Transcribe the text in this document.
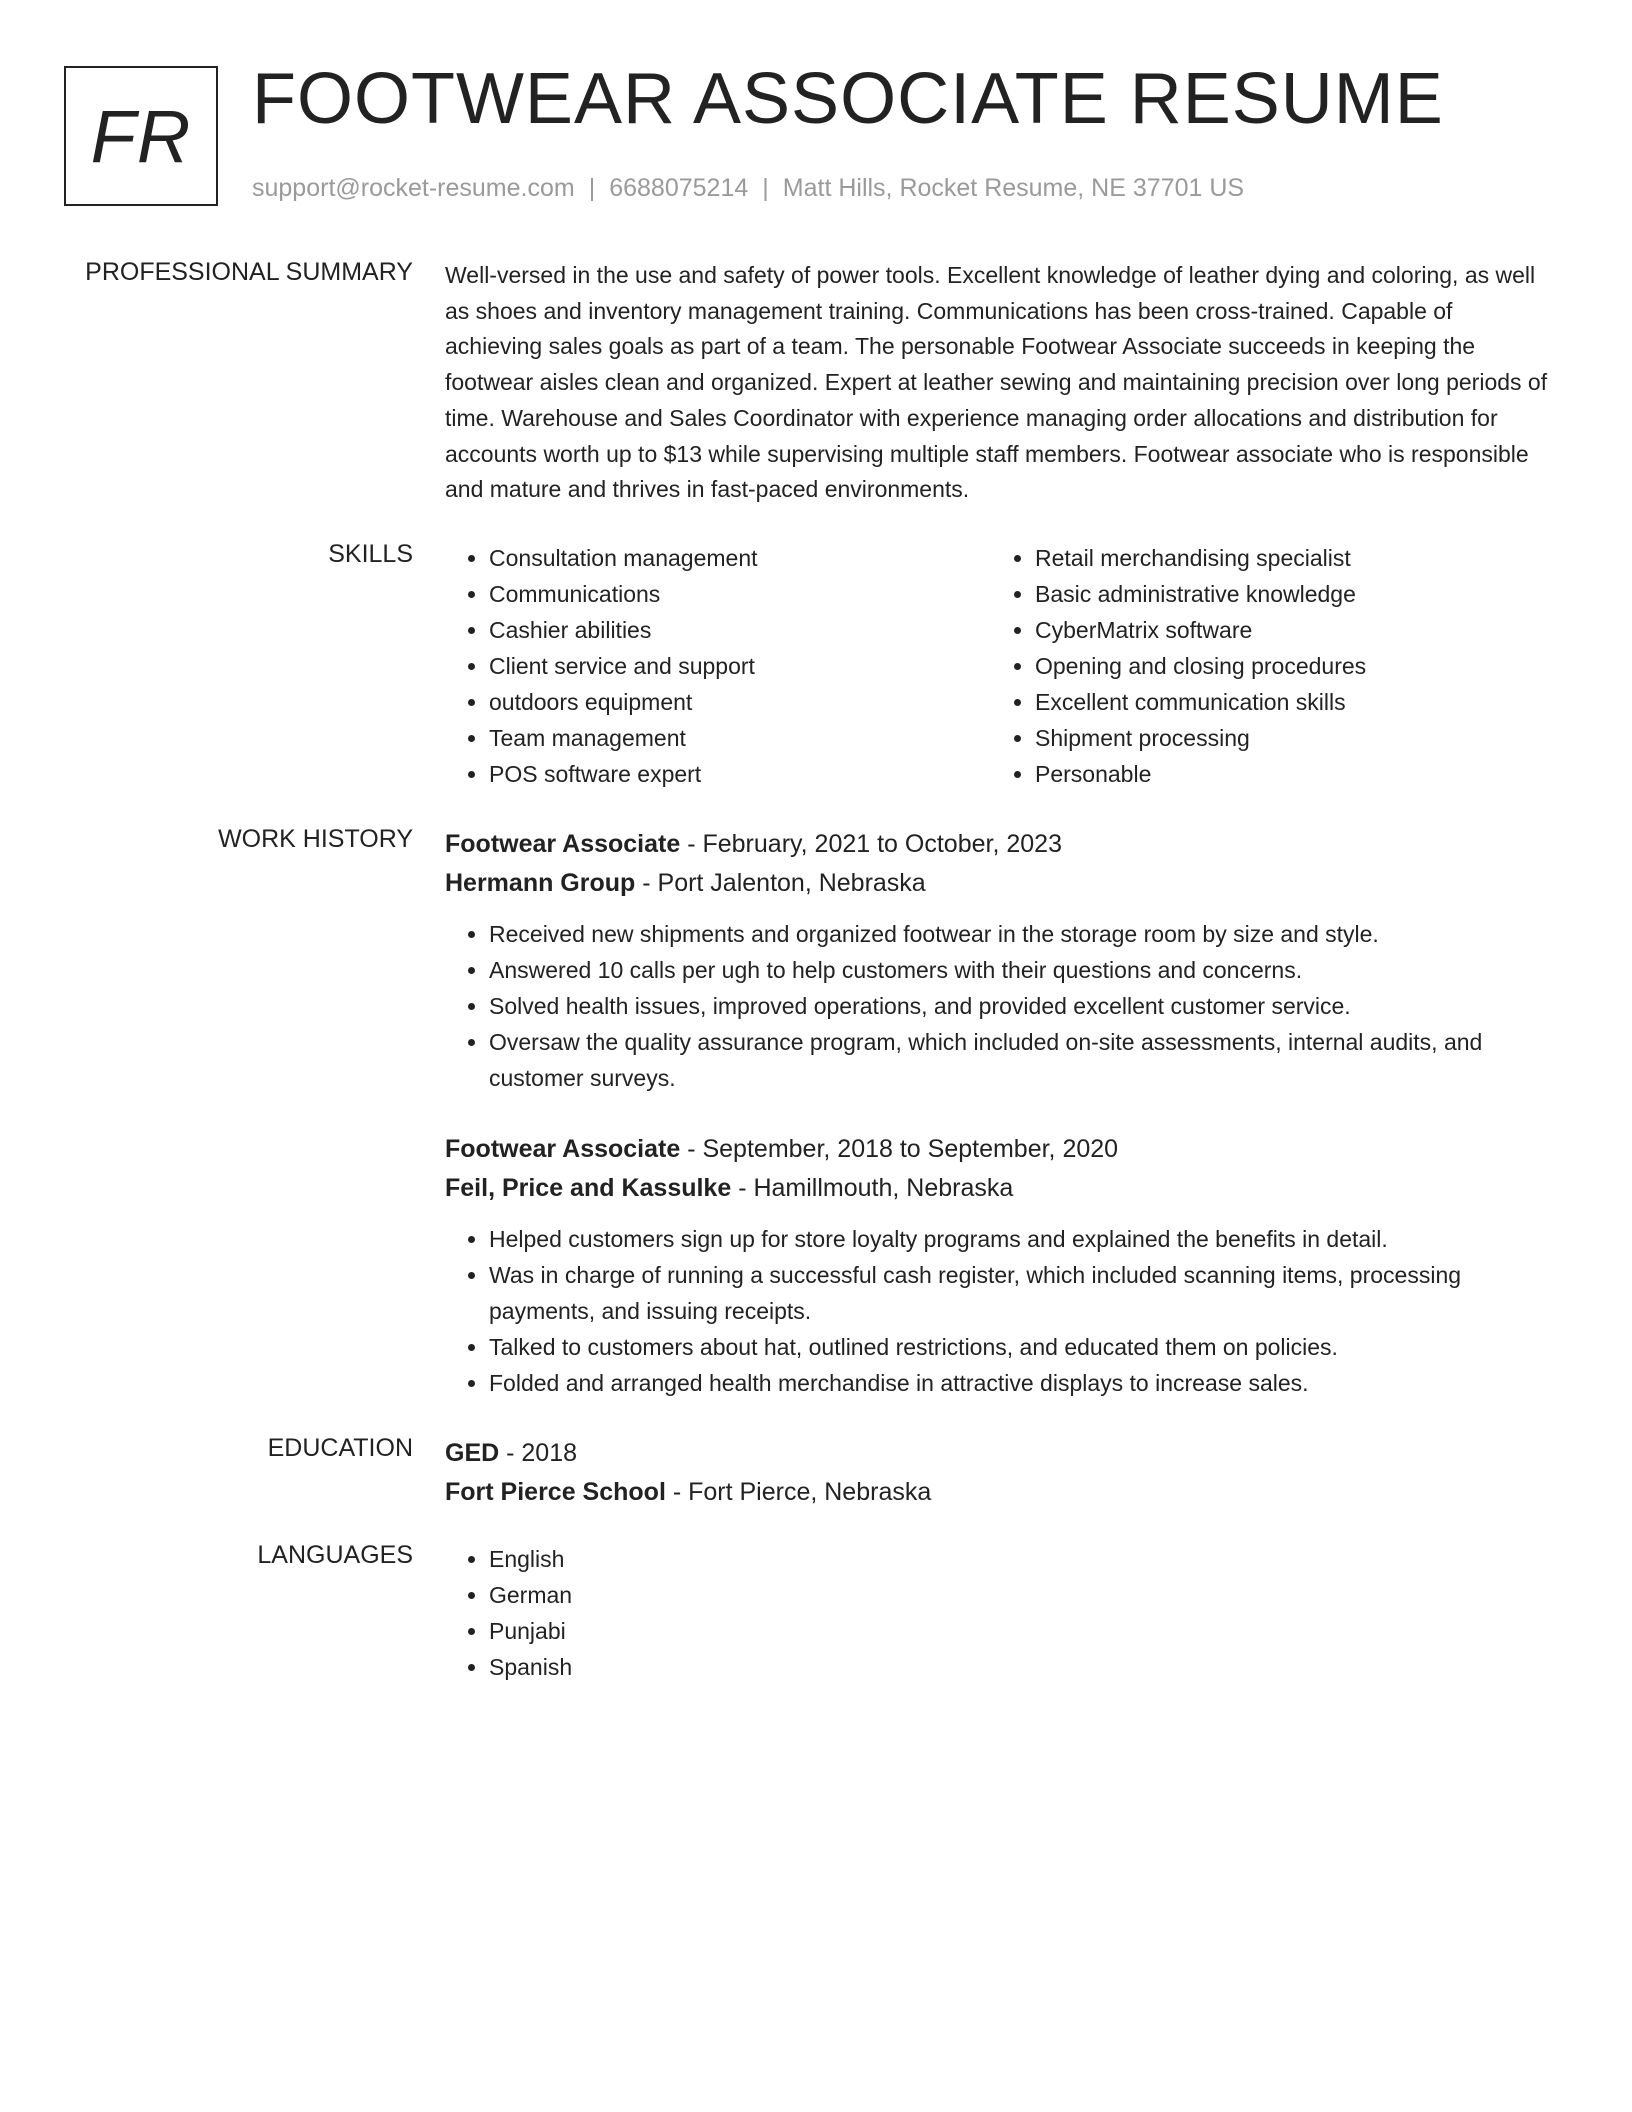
FR FOOTWEAR ASSOCIATE RESUME
support@rocket-resume.com | 6688075214 | Matt Hills, Rocket Resume, NE 37701 US
PROFESSIONAL SUMMARY Well-versed in the use and safety of power tools. Excellent knowledge of leather dying and coloring, as well as shoes and inventory management training. Communications has been cross-trained. Capable of achieving sales goals as part of a team. The personable Footwear Associate succeeds in keeping the footwear aisles clean and organized. Expert at leather sewing and maintaining precision over long periods of time. Warehouse and Sales Coordinator with experience managing order allocations and distribution for accounts worth up to $13 while supervising multiple staff members. Footwear associate who is responsible and mature and thrives in fast-paced environments.
SKILLS	• Consultation management
• Communications
• Cashier abilities
• Client service and support
• outdoors equipment
• Team management
• POS software expert
• Retail merchandising specialist
• Basic administrative knowledge
• CyberMatrix software
• Opening and closing procedures
• Excellent communication skills
• Shipment processing
• Personable
WORK HISTORY Footwear Associate - February, 2021 to October, 2023
Hermann Group - Port Jalenton, Nebraska
• Received new shipments and organized footwear in the storage room by size and style.
• Answered 10 calls per ugh to help customers with their questions and concerns.
• Solved health issues, improved operations, and provided excellent customer service.
• Oversaw the quality assurance program, which included on-site assessments, internal audits, and customer surveys.
Footwear Associate - September, 2018 to September, 2020
Feil, Price and Kassulke - Hamillmouth, Nebraska
• Helped customers sign up for store loyalty programs and explained the benefits in detail.
• Was in charge of running a successful cash register, which included scanning items, processing payments, and issuing receipts.
• Talked to customers about hat, outlined restrictions, and educated them on policies.
• Folded and arranged health merchandise in attractive displays to increase sales.
EDUCATION GED - 2018
Fort Pierce School - Fort Pierce, Nebraska
LANGUAGES	• English
• German
• Punjabi
• Spanish
